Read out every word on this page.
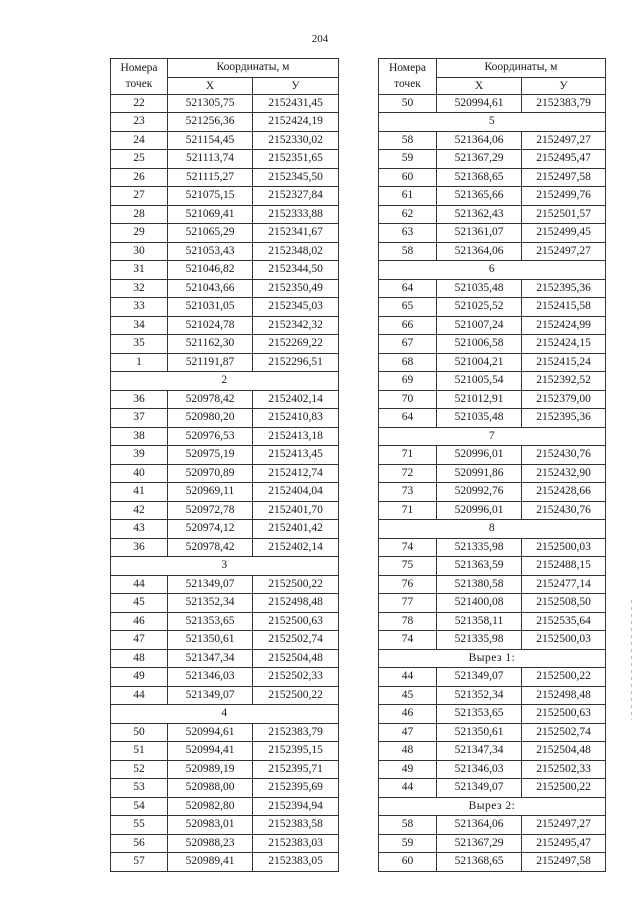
204
Номера
точек	Координаты, м	
	X	У
22	521305,75	2152431,45
23	521256,36	2152424,19
24	521154,45	2152330,02
25	521113,74	2152351,65
26	521115,27	2152345,50
27	521075,15	2152327,84
28	521069,41	2152333,88
29	521065,29	2152341,67
30	521053,43	2152348,02
31	521046,82	2152344,50
32	521043,66	2152350,49
33	521031,05	2152345,03
34	521024,78	2152342,32
35	521162,30	2152269,22
1	521191,87	2152296,51
2		
36	520978,42	2152402,14
37	520980,20	2152410,83
38	520976,53	2152413,18
39	520975,19	2152413,45
40	520970,89	2152412,74
41	520969,11	2152404,04
42	520972,78	2152401,70
43	520974,12	2152401,42
36	520978,42	2152402,14
3		
44	521349,07	2152500,22
45	521352,34	2152498,48
46	521353,65	2152500,63
47	521350,61	2152502,74
48	521347,34	2152504,48
49	521346,03	2152502,33
44	521349,07	2152500,22
4		
50	520994,61	2152383,79
51	520994,41	2152395,15
52	520989,19	2152395,71
53	520988,00	2152395,69
54	520982,80	2152394,94
55	520983,01	2152383,58
56	520988,23	2152383,03
57	520989,41	2152383,05
Номера
точек	Координаты, м	
	X	У
50	520994,61	2152383,79
5		
58	521364,06	2152497,27
59	521367,29	2152495,47
60	521368,65	2152497,58
61	521365,66	2152499,76
62	521362,43	2152501,57
63	521361,07	2152499,45
58	521364,06	2152497,27
6		
64	521035,48	2152395,36
65	521025,52	2152415,58
66	521007,24	2152424,99
67	521006,58	2152424,15
68	521004,21	2152415,24
69	521005,54	2152392,52
70	521012,91	2152379,00
64	521035,48	2152395,36
7		
71	520996,01	2152430,76
72	520991,86	2152432,90
73	520992,76	2152428,66
71	520996,01	2152430,76
8		
74	521335,98	2152500,03
75	521363,59	2152488,15
76	521380,58	2152477,14
77	521400,08	2152508,50
78	521358,11	2152535,64
74	521335,98	2152500,03
Вырез 1:		
44	521349,07	2152500,22
45	521352,34	2152498,48
46	521353,65	2152500,63
47	521350,61	2152502,74
48	521347,34	2152504,48
49	521346,03	2152502,33
44	521349,07	2152500,22
Вырез 2:		
58	521364,06	2152497,27
59	521367,29	2152495,47
60	521368,65	2152497,58
